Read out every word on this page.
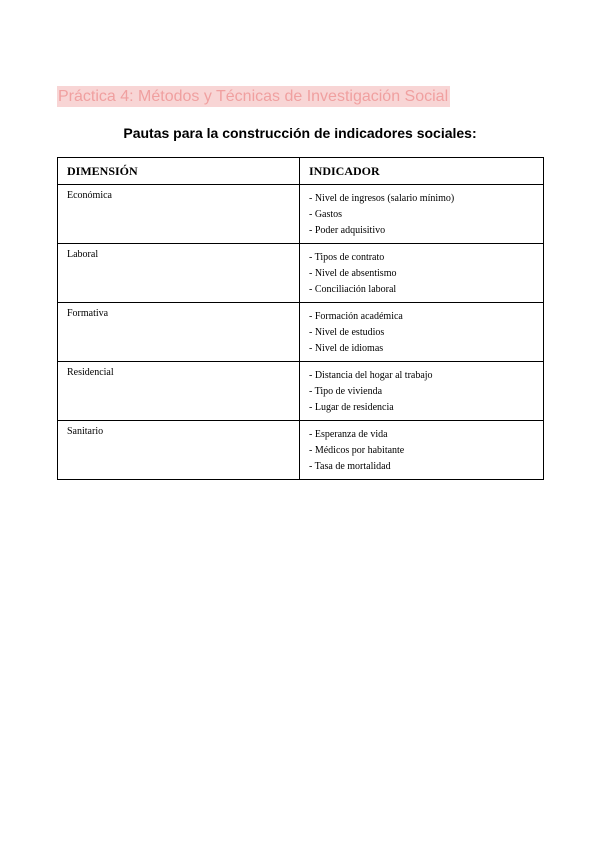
Práctica 4: Métodos y Técnicas de Investigación Social
Pautas para la construcción de indicadores sociales:
DIMENSIÓN	INDICADOR
Económica	- Nivel de ingresos (salario mínimo)
- Gastos
- Poder adquisitivo

Laboral	- Tipos de contrato
- Nivel de absentismo
- Conciliación laboral

Formativa	- Formación académica
- Nivel de estudios
- Nivel de idiomas

Residencial	- Distancia del hogar al trabajo
- Tipo de vivienda
- Lugar de residencia

Sanitario	- Esperanza de vida
- Médicos por habitante
- Tasa de mortalidad
